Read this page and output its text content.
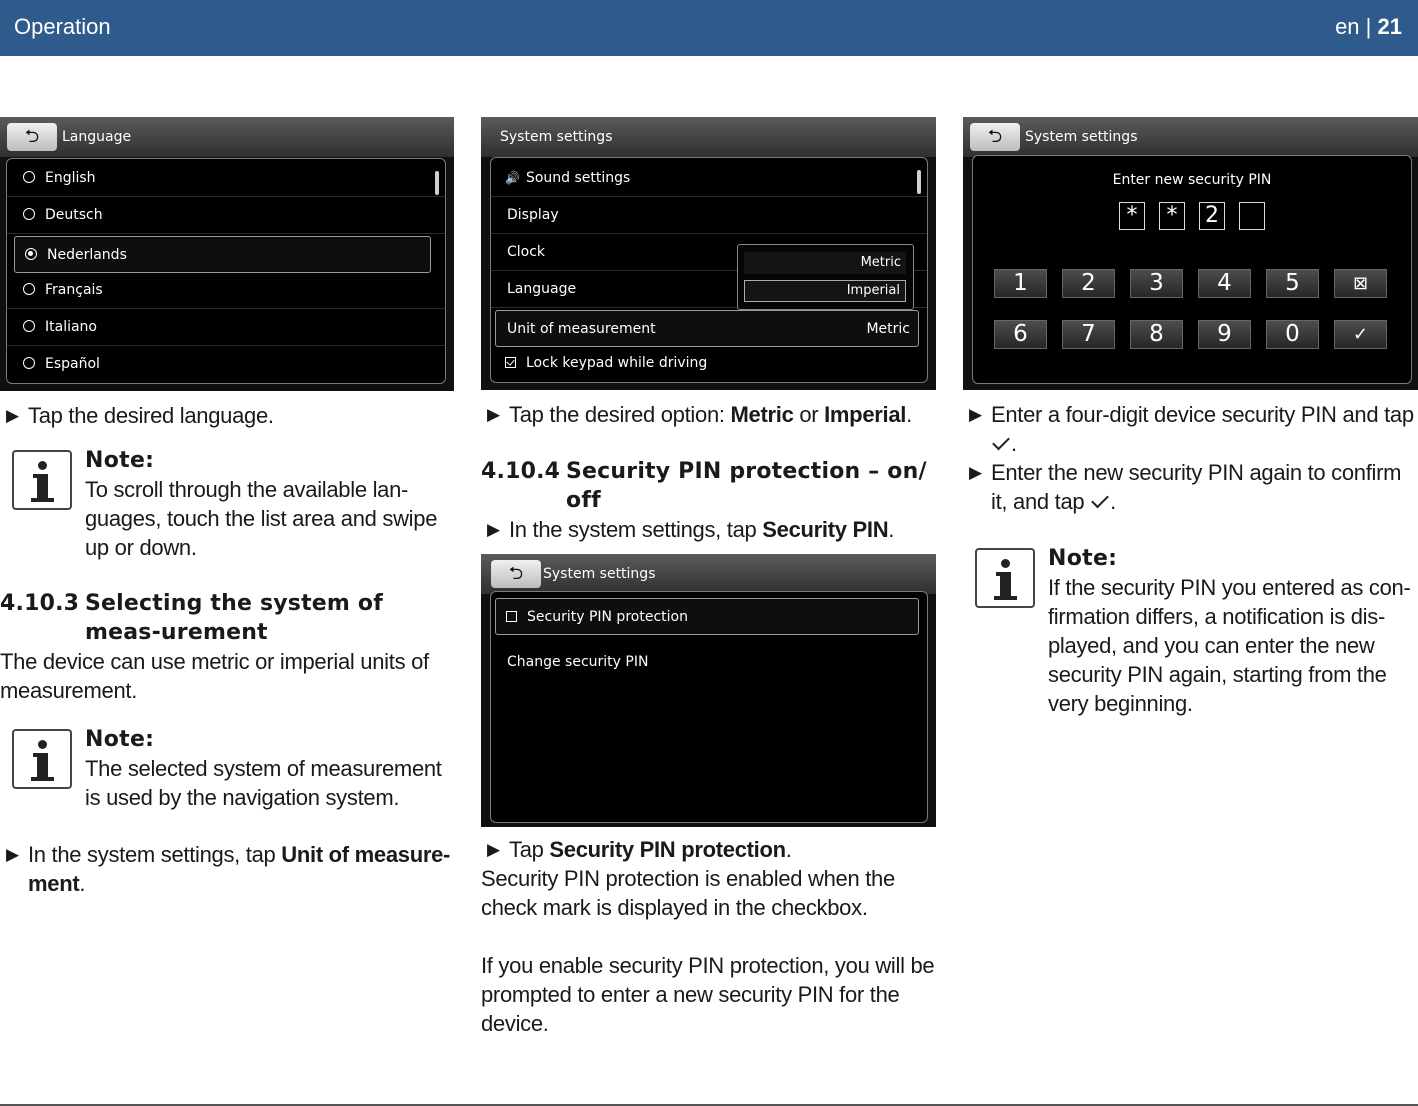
Operation	en | 21
⮌	Language
English
Deutsch
Nederlands
Français
Italiano
Español
▶ Tap the desired language.
Note:
To scroll through the available lan-guages, touch the list area and swipe up or down.
4.10.3 Selecting the system of meas-urement
The device can use metric or imperial units of measurement.
Note:
The selected system of measurement is used by the navigation system.
▶ In the system settings, tap Unit of measure-ment.
System settings
🔊 Sound settings
Display
Clock
Language
Unit of measurement	Metric
Lock keypad while driving
Metric
Imperial
▶ Tap the desired option: Metric or Imperial.
4.10.4 Security PIN protection – on/ off
▶ In the system settings, tap Security PIN.
⮌	System settings
Security PIN protection
Change security PIN
▶ Tap Security PIN protection.
Security PIN protection is enabled when the check mark is displayed in the checkbox.
If you enable security PIN protection, you will be prompted to enter a new security PIN for the device.
⮌	System settings
Enter new security PIN
*	*	2
1	2	3	4	5	⊠
6	7	8	9	0	✓
▶ Enter a four-digit device security PIN and tap .
▶ Enter the new security PIN again to confirm it, and tap .
Note:
If the security PIN you entered as con-firmation differs, a notification is dis-played, and you can enter the new security PIN again, starting from the very beginning.
